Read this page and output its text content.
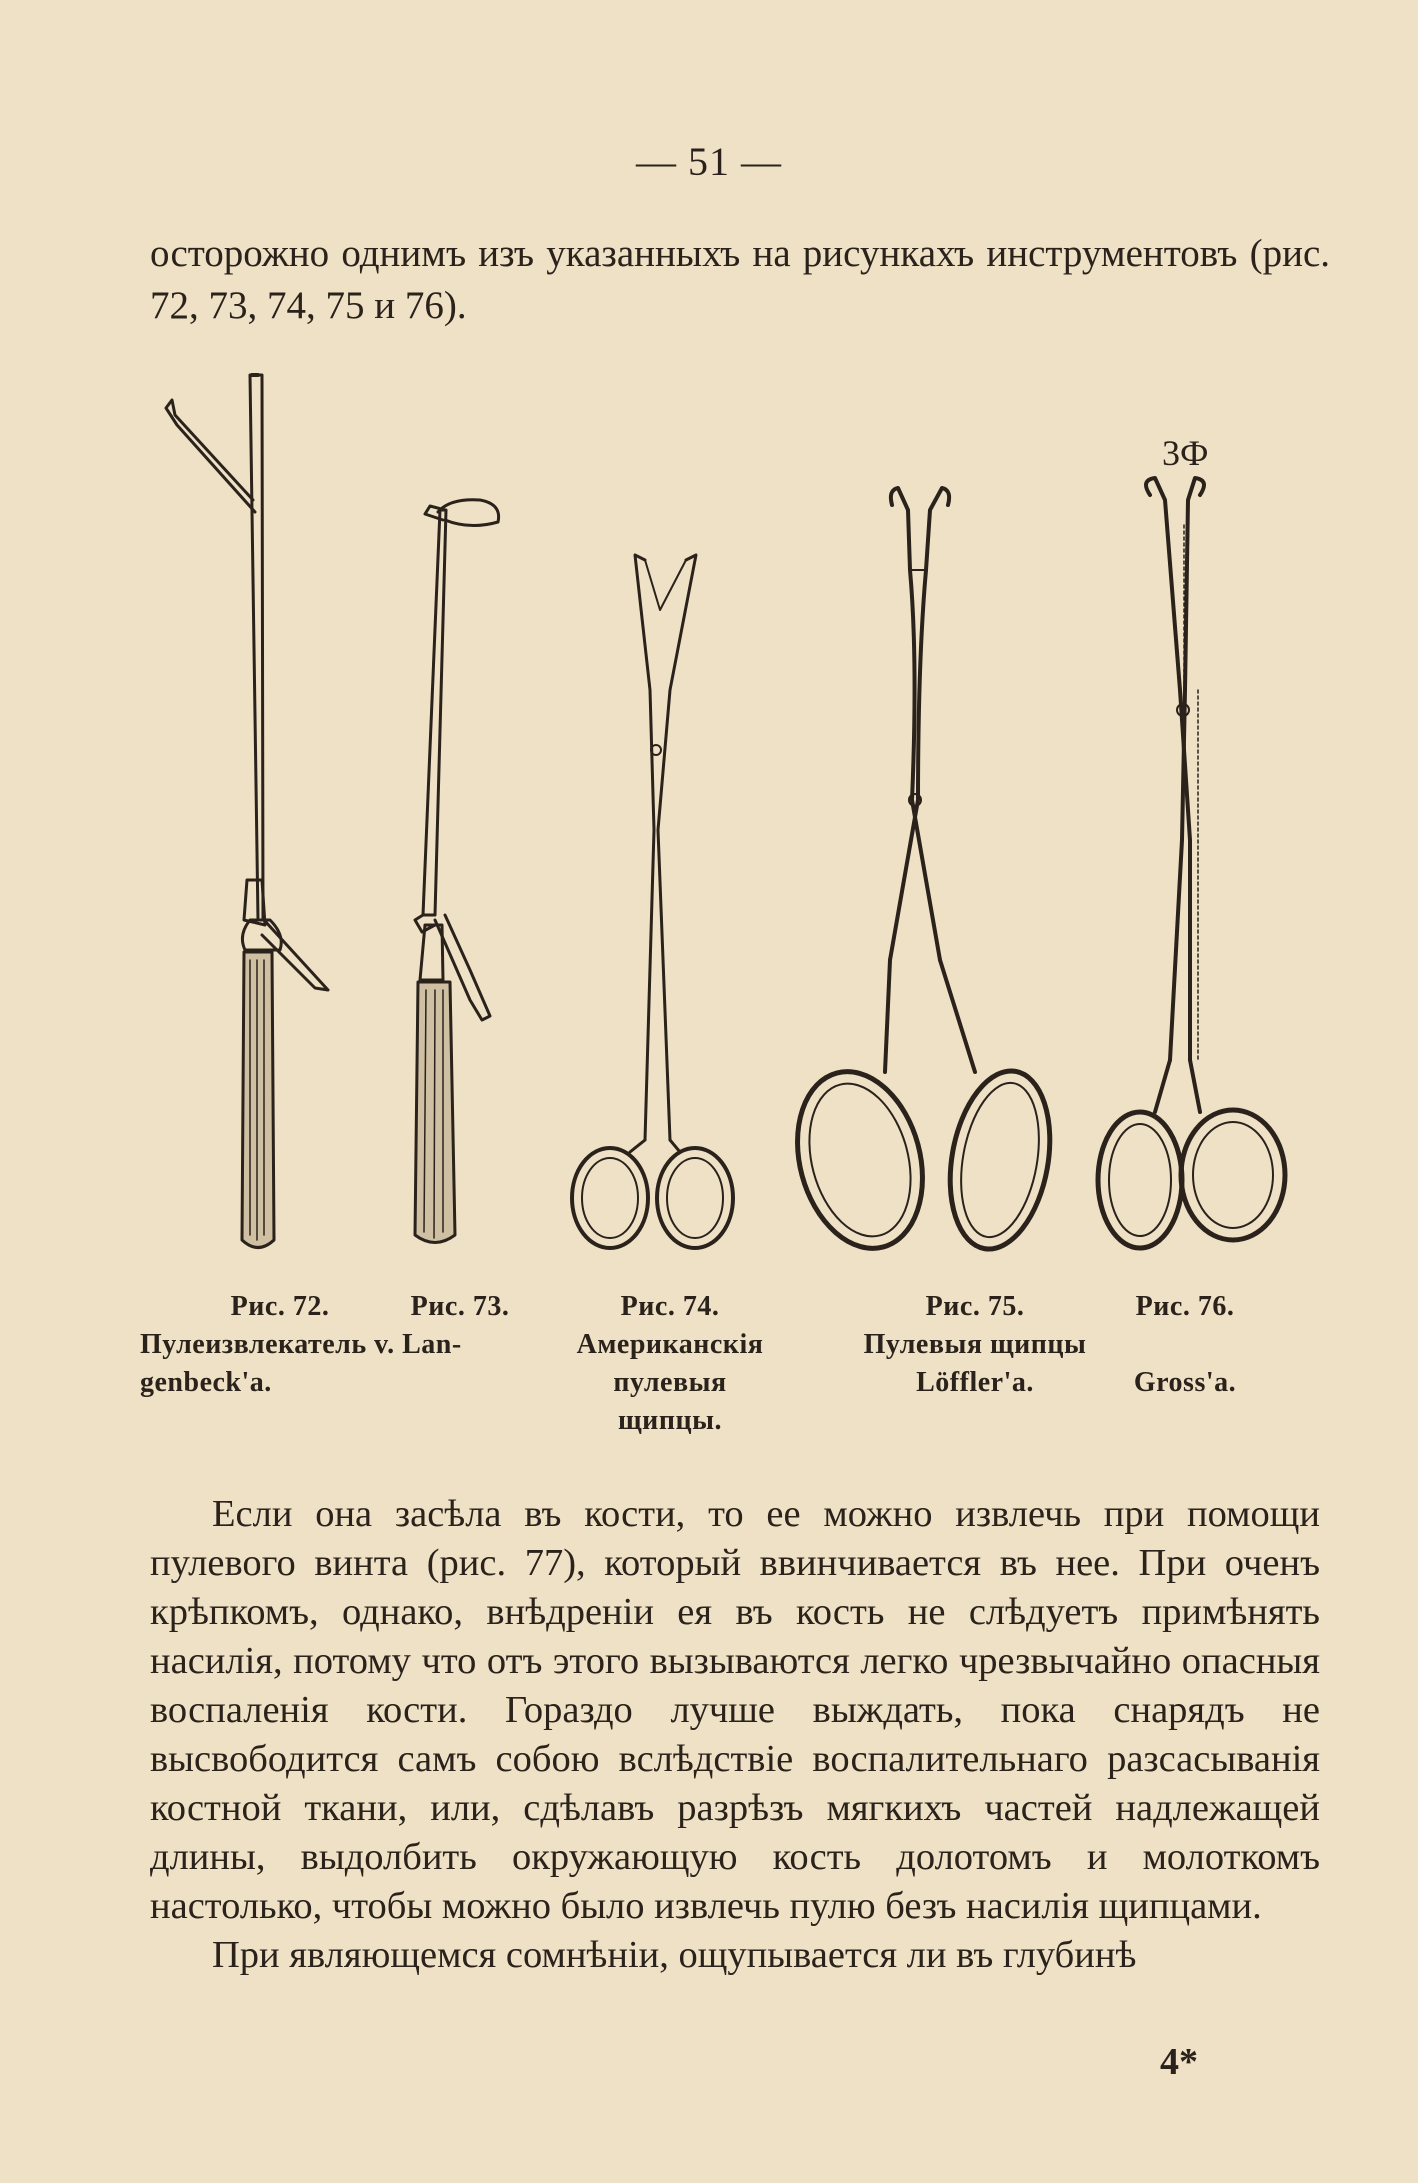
— 51 —

осторожно однимъ изъ указанныхъ на рисункахъ инструментовъ (рис. 72, 73, 74, 75 и 76).

3Ф
Рис. 72.	Рис. 73.
Пулеизвлекатель v. Lan-
genbeck'a.
Рис. 74.
Американскія пулевыя щипцы.
Рис. 75.
Пулевыя щипцы Löffler'a.
Рис. 76.
Gross'a.

Если она засѣла въ кости, то ее можно извлечь при помощи пулевого винта (рис. 77), который ввинчивается въ нее. При оченъ крѣпкомъ, однако, внѣдреніи ея въ кость не слѣдуетъ примѣнять насилія, потому что отъ этого вызываются легко чрезвычайно опасныя воспаленія кости. Гораздо лучше выждать, пока снарядъ не высвободится самъ собою вслѣдствіе воспалительнаго разсасыванія костной ткани, или, сдѣлавъ разрѣзъ мягкихъ частей надлежащей длины, выдолбить окружающую кость долотомъ и молоткомъ настолько, чтобы можно было извлечь пулю безъ насилія щипцами.

При являющемся сомнѣніи, ощупывается ли въ глубинѣ

4*
